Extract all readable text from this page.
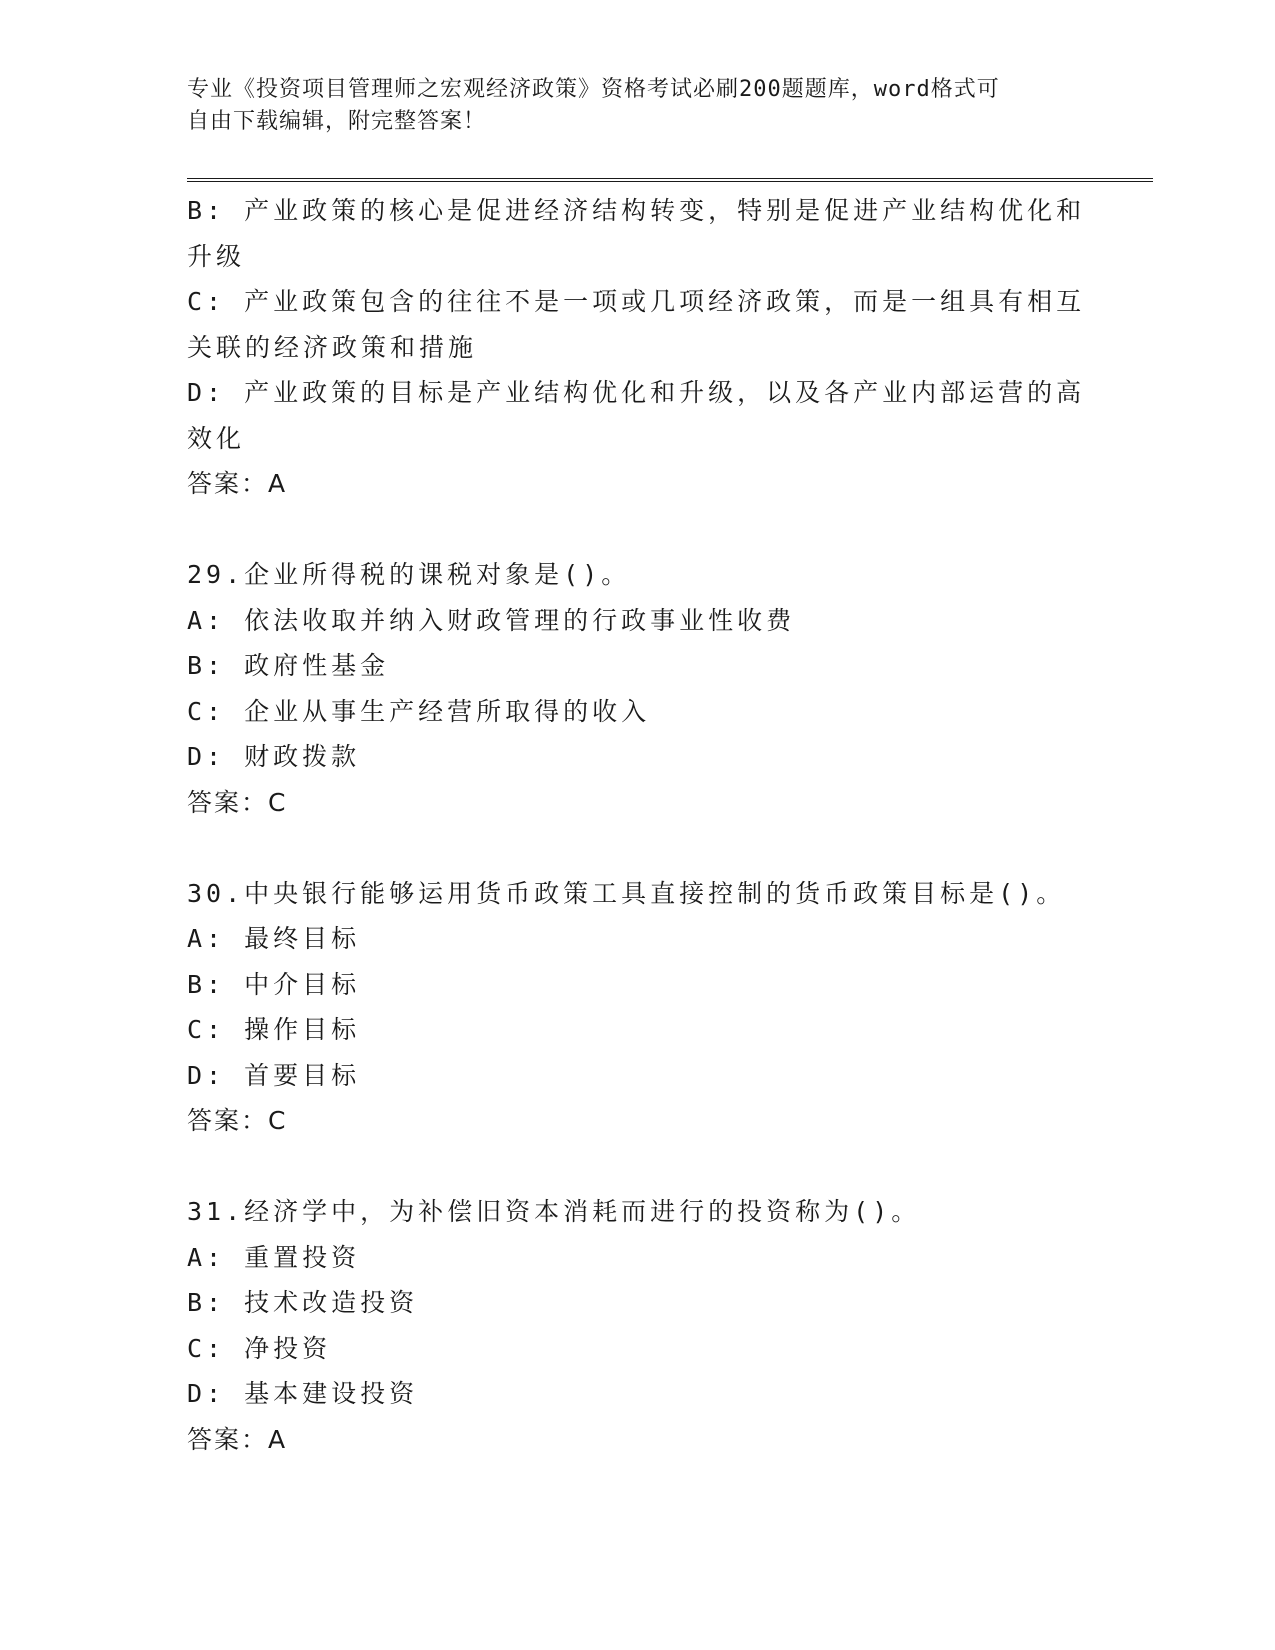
专业《投资项目管理师之宏观经济政策》资格考试必刷200题题库，word格式可
自由下载编辑，附完整答案！
B: 产业政策的核心是促进经济结构转变，特别是促进产业结构优化和
升级
C: 产业政策包含的往往不是一项或几项经济政策，而是一组具有相互
关联的经济政策和措施
D: 产业政策的目标是产业结构优化和升级，以及各产业内部运营的高
效化
答案：A
29.企业所得税的课税对象是()。
A: 依法收取并纳入财政管理的行政事业性收费
B: 政府性基金
C: 企业从事生产经营所取得的收入
D: 财政拨款
答案：C
30.中央银行能够运用货币政策工具直接控制的货币政策目标是()。
A: 最终目标
B: 中介目标
C: 操作目标
D: 首要目标
答案：C
31.经济学中，为补偿旧资本消耗而进行的投资称为()。
A: 重置投资
B: 技术改造投资
C: 净投资
D: 基本建设投资
答案：A
